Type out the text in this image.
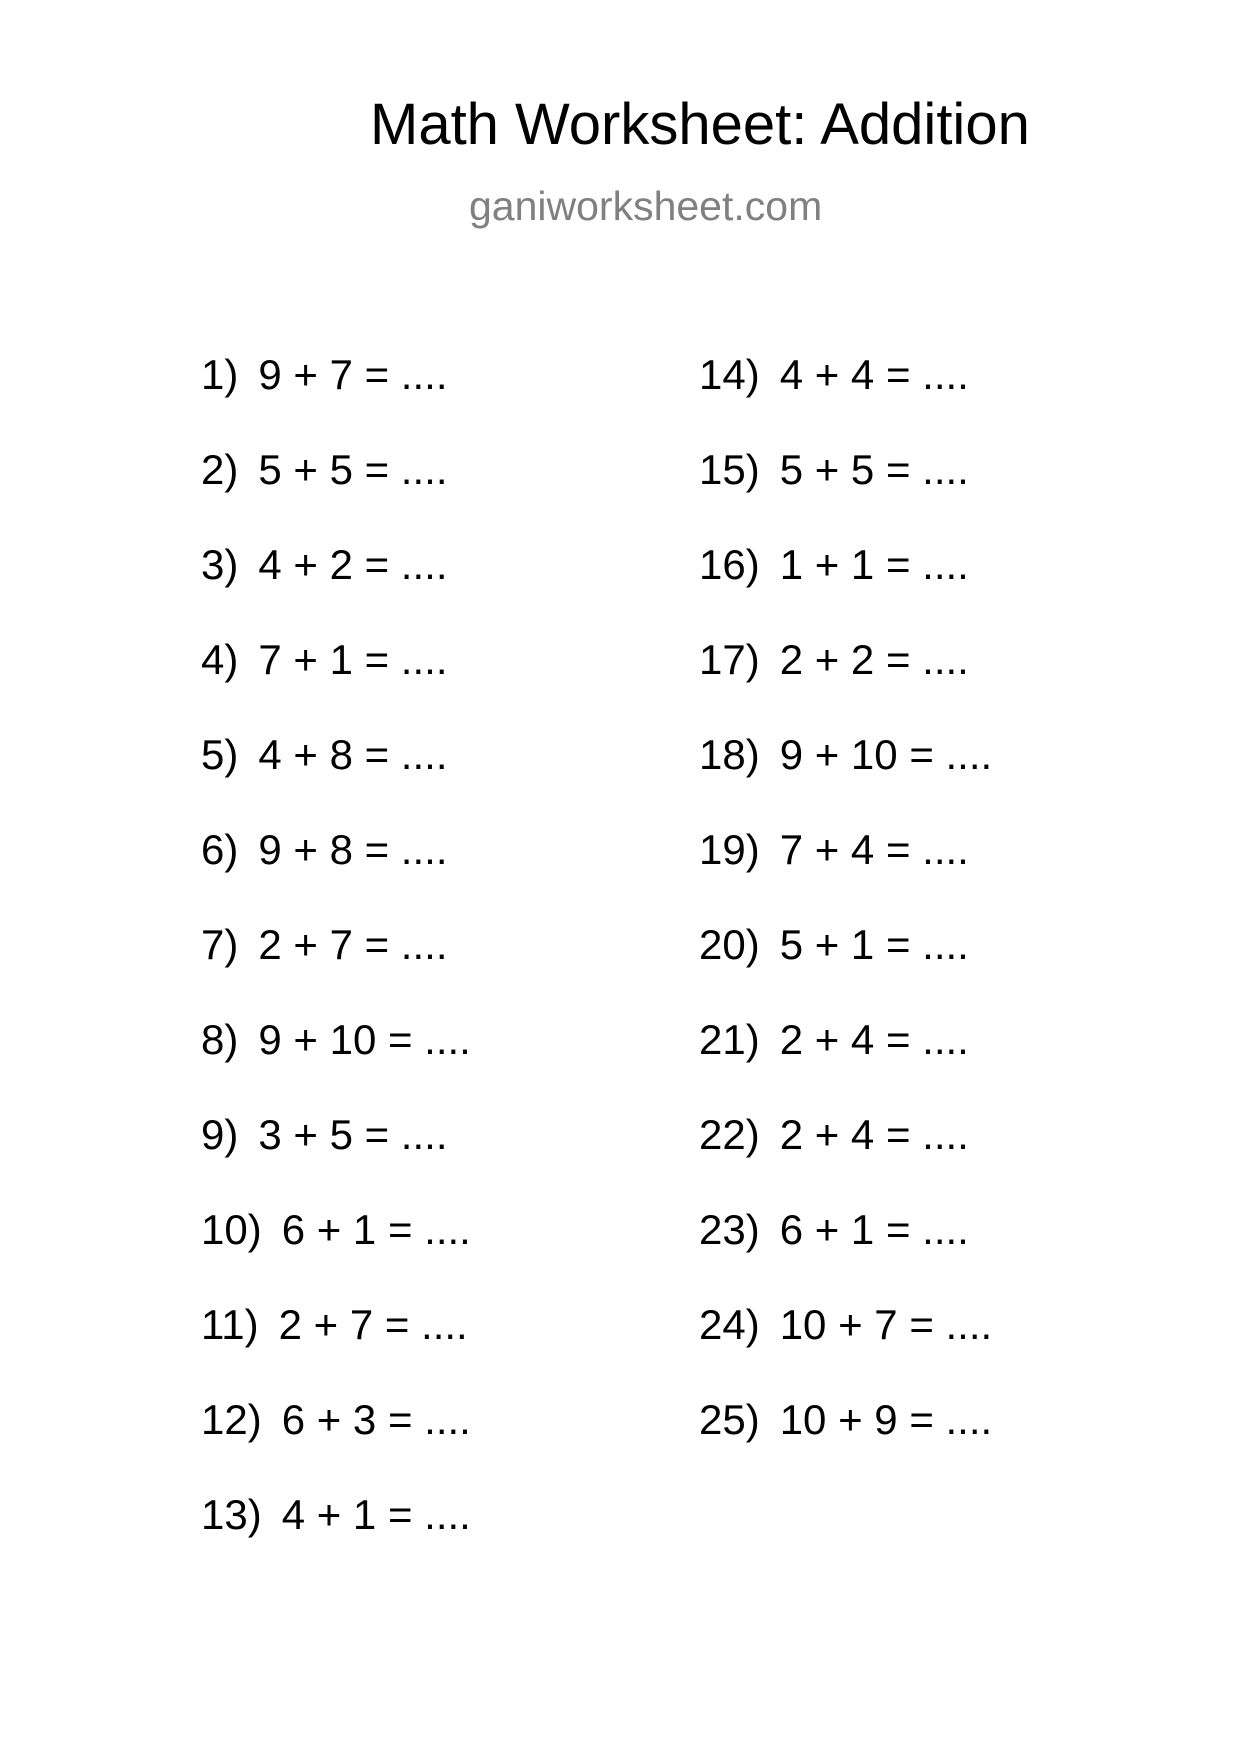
Math Worksheet: Addition
ganiworksheet.com
1) 9 + 7 = ....
2) 5 + 5 = ....
3) 4 + 2 = ....
4) 7 + 1 = ....
5) 4 + 8 = ....
6) 9 + 8 = ....
7) 2 + 7 = ....
8) 9 + 10 = ....
9) 3 + 5 = ....
10) 6 + 1 = ....
11) 2 + 7 = ....
12) 6 + 3 = ....
13) 4 + 1 = ....
14) 4 + 4 = ....
15) 5 + 5 = ....
16) 1 + 1 = ....
17) 2 + 2 = ....
18) 9 + 10 = ....
19) 7 + 4 = ....
20) 5 + 1 = ....
21) 2 + 4 = ....
22) 2 + 4 = ....
23) 6 + 1 = ....
24) 10 + 7 = ....
25) 10 + 9 = ....
